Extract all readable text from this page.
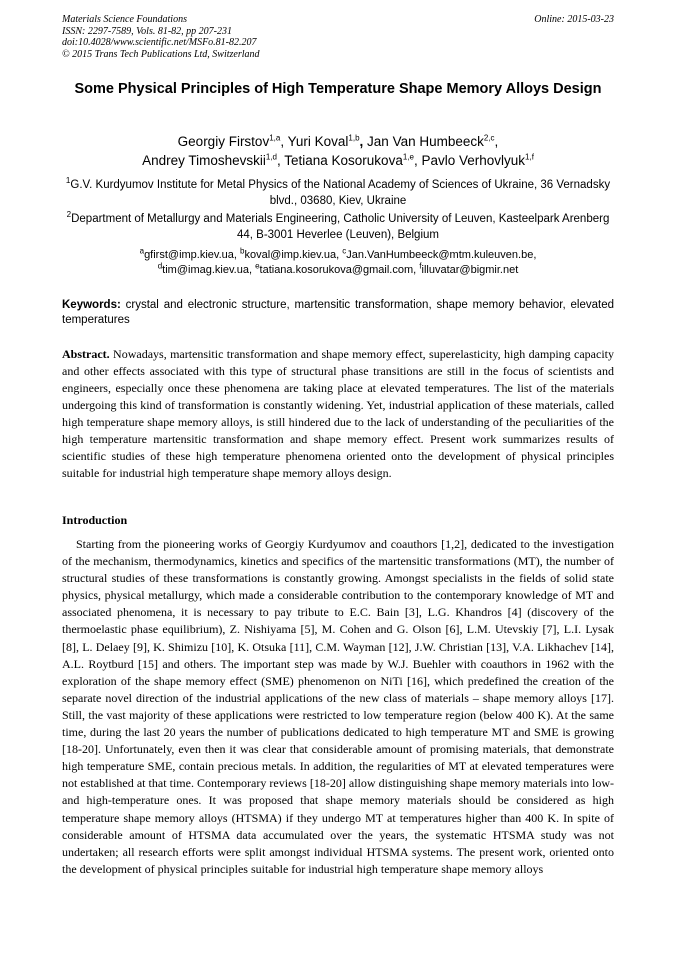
Materials Science Foundations
ISSN: 2297-7589, Vols. 81-82, pp 207-231
doi:10.4028/www.scientific.net/MSFo.81-82.207
© 2015 Trans Tech Publications Ltd, Switzerland
Online: 2015-03-23
Some Physical Principles of High Temperature Shape Memory Alloys Design
Georgiy Firstov$^{1,a}$, Yuri Koval$^{1,b}$, Jan Van Humbeeck$^{2,c}$,
Andrey Timoshevskii$^{1,d}$, Tetiana Kosorukova$^{1,e}$, Pavlo Verhovlyuk$^{1,f}$
$^1$G.V. Kurdyumov Institute for Metal Physics of the National Academy of Sciences of Ukraine, 36 Vernadsky blvd., 03680, Kiev, Ukraine
$^2$Department of Metallurgy and Materials Engineering, Catholic University of Leuven, Kasteelpark Arenberg 44, B-3001 Heverlee (Leuven), Belgium
$^a$gfirst@imp.kiev.ua, $^b$koval@imp.kiev.ua, $^c$Jan.VanHumbeeck@mtm.kuleuven.be,
$^d$tim@imag.kiev.ua, $^e$tatiana.kosorukova@gmail.com, $^f$illuvatar@bigmir.net
Keywords: crystal and electronic structure, martensitic transformation, shape memory behavior, elevated temperatures
Abstract. Nowadays, martensitic transformation and shape memory effect, superelasticity, high damping capacity and other effects associated with this type of structural phase transitions are still in the focus of scientists and engineers, especially once these phenomena are taking place at elevated temperatures. The list of the materials undergoing this kind of transformation is constantly widening. Yet, industrial application of these materials, called high temperature shape memory alloys, is still hindered due to the lack of understanding of the peculiarities of the high temperature martensitic transformation and shape memory effect. Present work summarizes results of scientific studies of these high temperature phenomena oriented onto the development of physical principles suitable for industrial high temperature shape memory alloys design.
Introduction
Starting from the pioneering works of Georgiy Kurdyumov and coauthors [1,2], dedicated to the investigation of the mechanism, thermodynamics, kinetics and specifics of the martensitic transformations (MT), the number of structural studies of these transformations is constantly growing. Amongst specialists in the fields of solid state physics, physical metallurgy, which made a considerable contribution to the contemporary knowledge of MT and associated phenomena, it is necessary to pay tribute to E.C. Bain [3], L.G. Khandros [4] (discovery of the thermoelastic phase equilibrium), Z. Nishiyama [5], M. Cohen and G. Olson [6], L.M. Utevskiy [7], L.I. Lysak [8], L. Delaey [9], K. Shimizu [10], K. Otsuka [11], C.M. Wayman [12], J.W. Christian [13], V.A. Likhachev [14], A.L. Roytburd [15] and others. The important step was made by W.J. Buehler with coauthors in 1962 with the exploration of the shape memory effect (SME) phenomenon on NiTi [16], which predefined the creation of the separate novel direction of the industrial applications of the new class of materials – shape memory alloys [17]. Still, the vast majority of these applications were restricted to low temperature region (below 400 K). At the same time, during the last 20 years the number of publications dedicated to high temperature MT and SME is growing [18-20]. Unfortunately, even then it was clear that considerable amount of promising materials, that demonstrate high temperature SME, contain precious metals. In addition, the regularities of MT at elevated temperatures were not established at that time. Contemporary reviews [18-20] allow distinguishing shape memory materials into low- and high-temperature ones. It was proposed that shape memory materials should be considered as high temperature shape memory alloys (HTSMA) if they undergo MT at temperatures higher than 400 K. In spite of considerable amount of HTSMA data accumulated over the years, the systematic HTSMA study was not undertaken; all research efforts were split amongst individual HTSMA systems. The present work, oriented onto the development of physical principles suitable for industrial high temperature shape memory alloys
